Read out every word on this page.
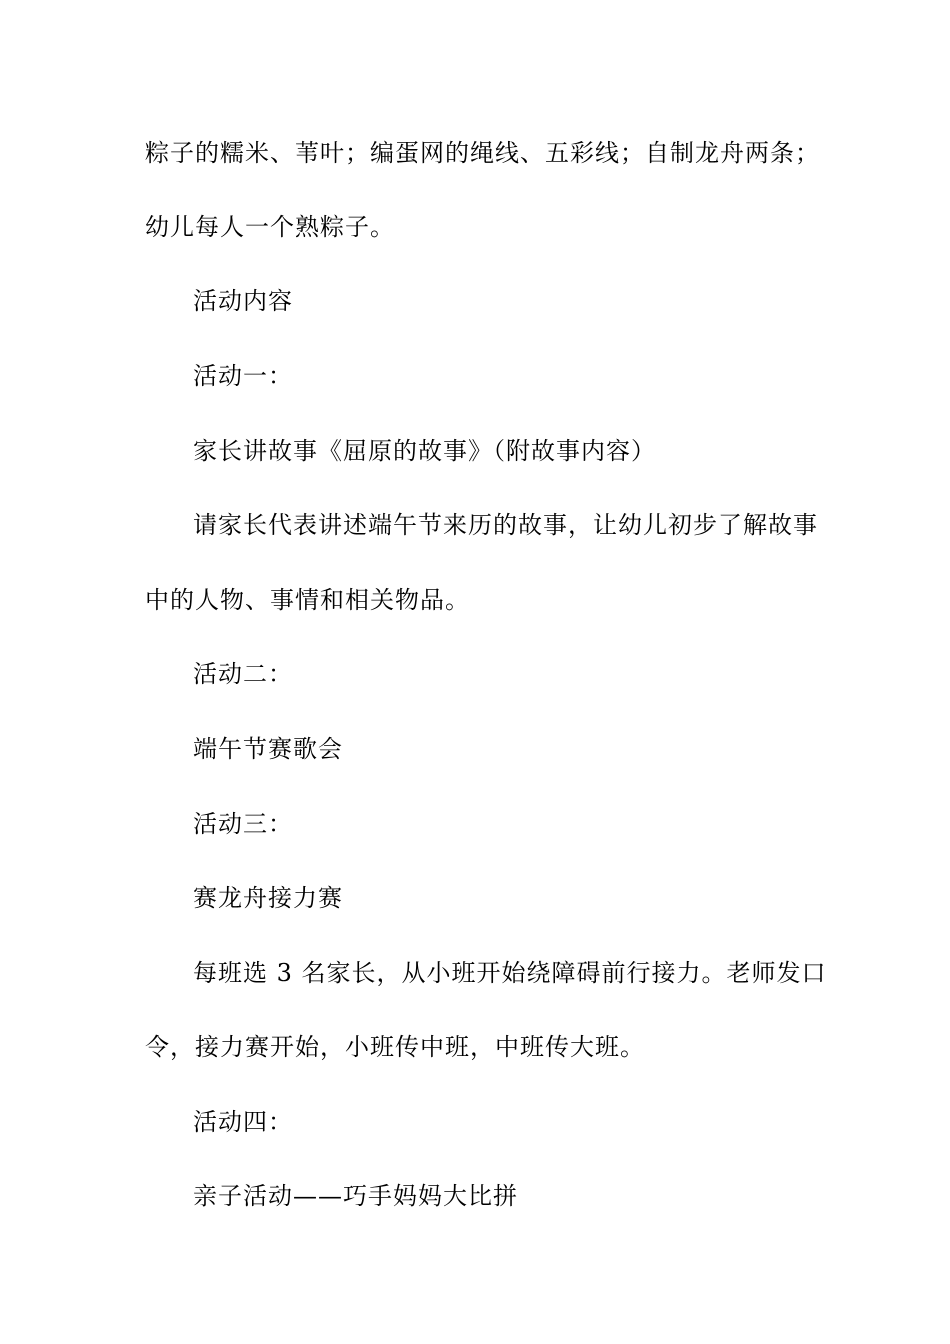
粽子的糯米、苇叶；编蛋网的绳线、五彩线；自制龙舟两条；
幼儿每人一个熟粽子。
活动内容
活动一：
家长讲故事《屈原的故事》（附故事内容）
请家长代表讲述端午节来历的故事，让幼儿初步了解故事
中的人物、事情和相关物品。
活动二：
端午节赛歌会
活动三：
赛龙舟接力赛
每班选 3 名家长，从小班开始绕障碍前行接力。老师发口
令，接力赛开始，小班传中班，中班传大班。
活动四：
亲子活动——巧手妈妈大比拼
